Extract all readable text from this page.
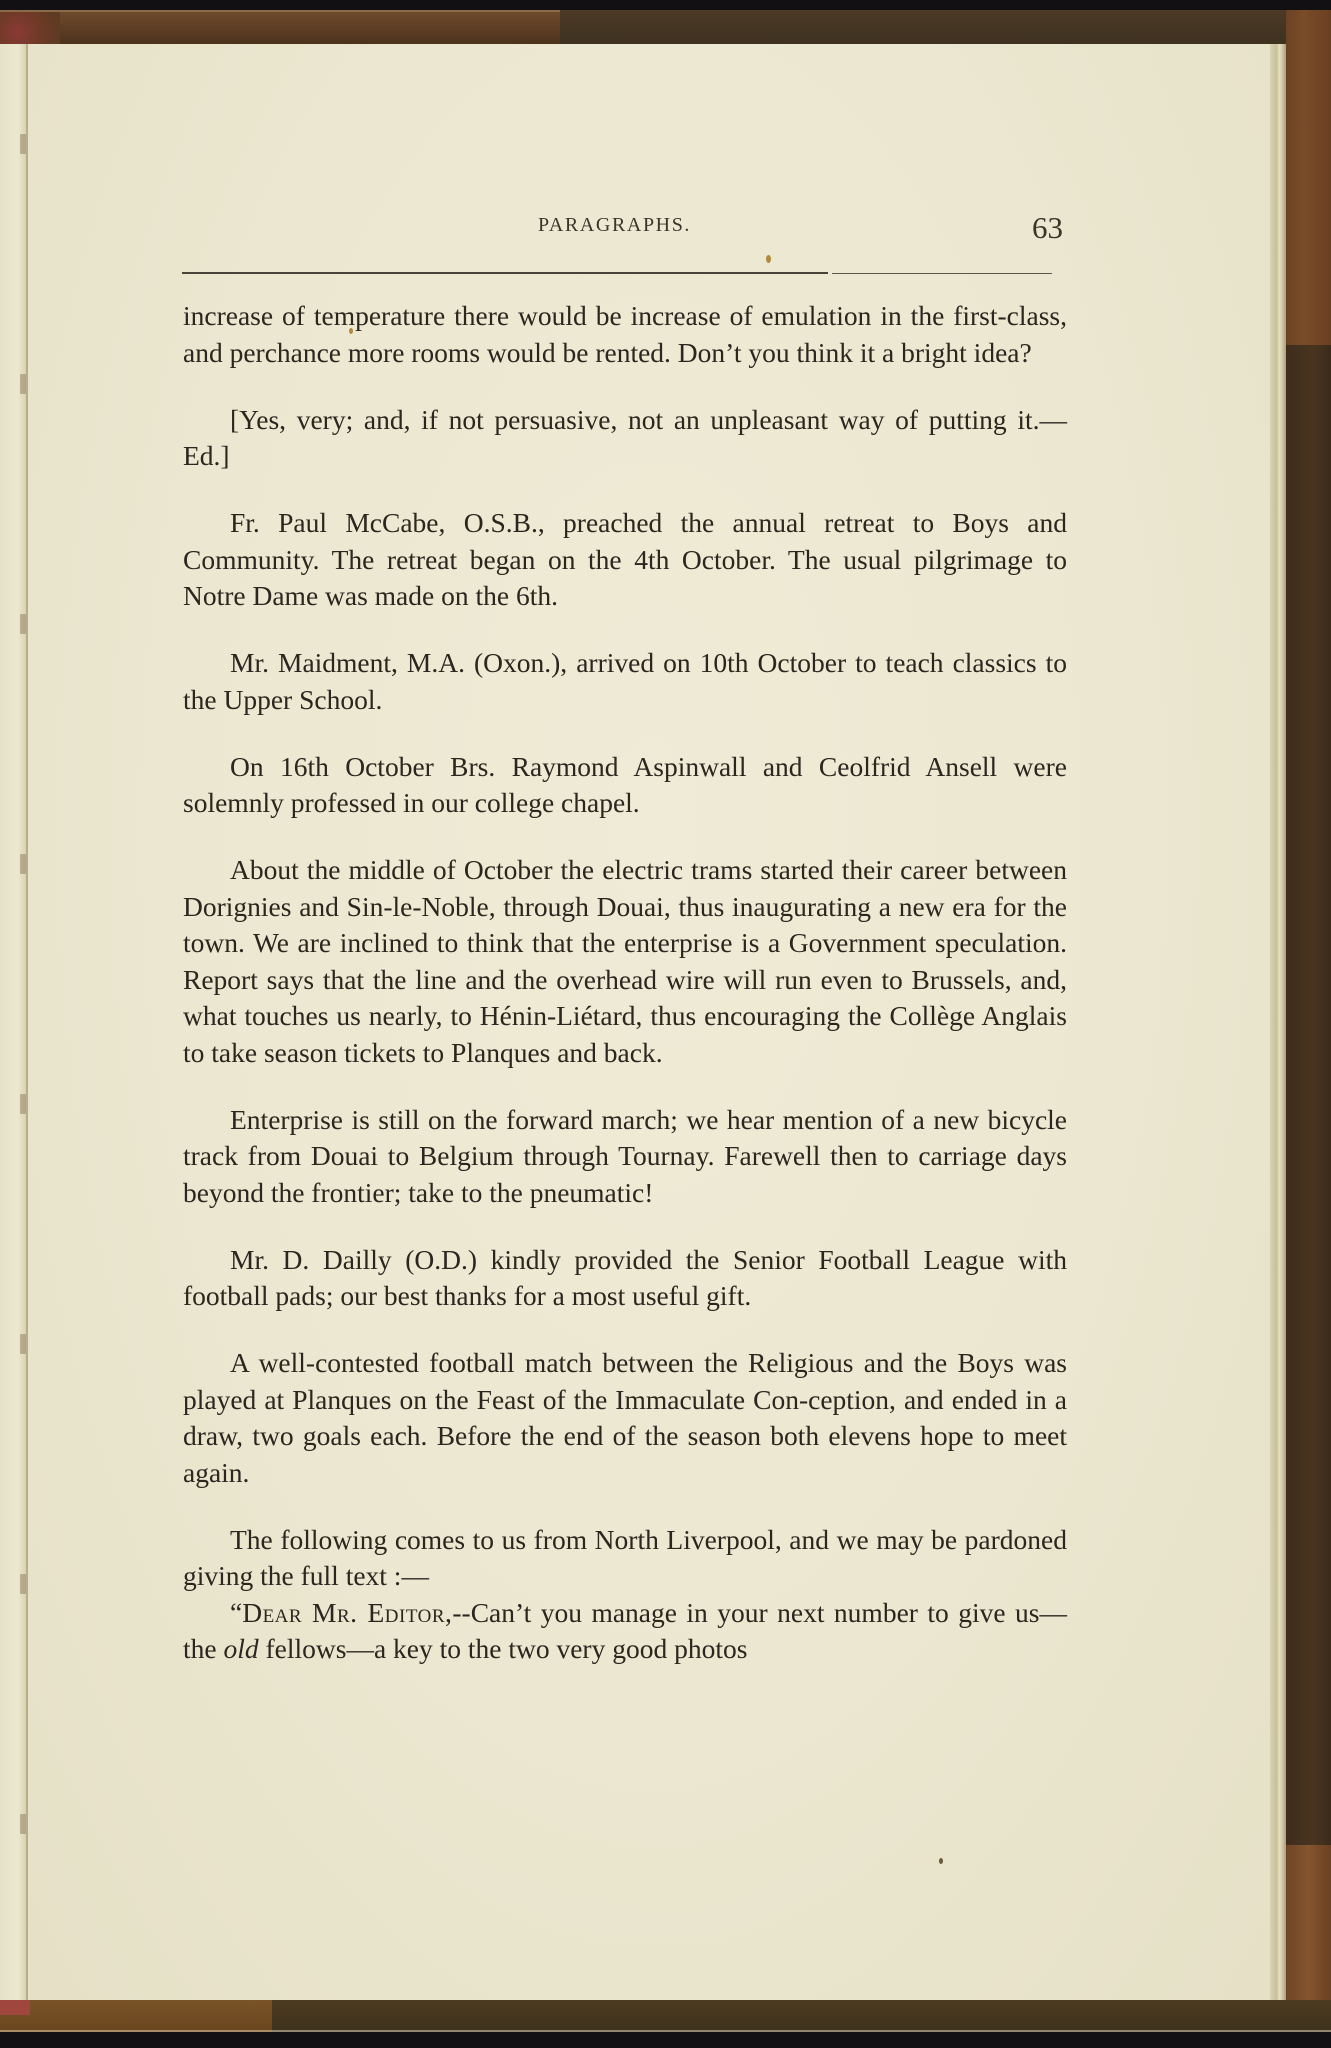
PARAGRAPHS.	63

increase of temperature there would be increase of emulation in the first-class, and perchance more rooms would be rented. Don’t you think it a bright idea?

[Yes, very; and, if not persuasive, not an unpleasant way of putting it.—Ed.]

Fr. Paul McCabe, O.S.B., preached the annual retreat to Boys and Community. The retreat began on the 4th October. The usual pilgrimage to Notre Dame was made on the 6th.

Mr. Maidment, M.A. (Oxon.), arrived on 10th October to teach classics to the Upper School.

On 16th October Brs. Raymond Aspinwall and Ceolfrid Ansell were solemnly professed in our college chapel.

About the middle of October the electric trams started their career between Dorignies and Sin-le-Noble, through Douai, thus inaugurating a new era for the town. We are inclined to think that the enterprise is a Government speculation. Report says that the line and the overhead wire will run even to Brussels, and, what touches us nearly, to Hénin-Liétard, thus encouraging the Collège Anglais to take season tickets to Planques and back.

Enterprise is still on the forward march; we hear mention of a new bicycle track from Douai to Belgium through Tournay. Farewell then to carriage days beyond the frontier; take to the pneumatic!

Mr. D. Dailly (O.D.) kindly provided the Senior Football League with football pads; our best thanks for a most useful gift.

A well-contested football match between the Religious and the Boys was played at Planques on the Feast of the Immaculate Con-ception, and ended in a draw, two goals each. Before the end of the season both elevens hope to meet again.

The following comes to us from North Liverpool, and we may be pardoned giving the full text :—

“Dear Mr. Editor,--Can’t you manage in your next number to give us—the old fellows—a key to the two very good photos
